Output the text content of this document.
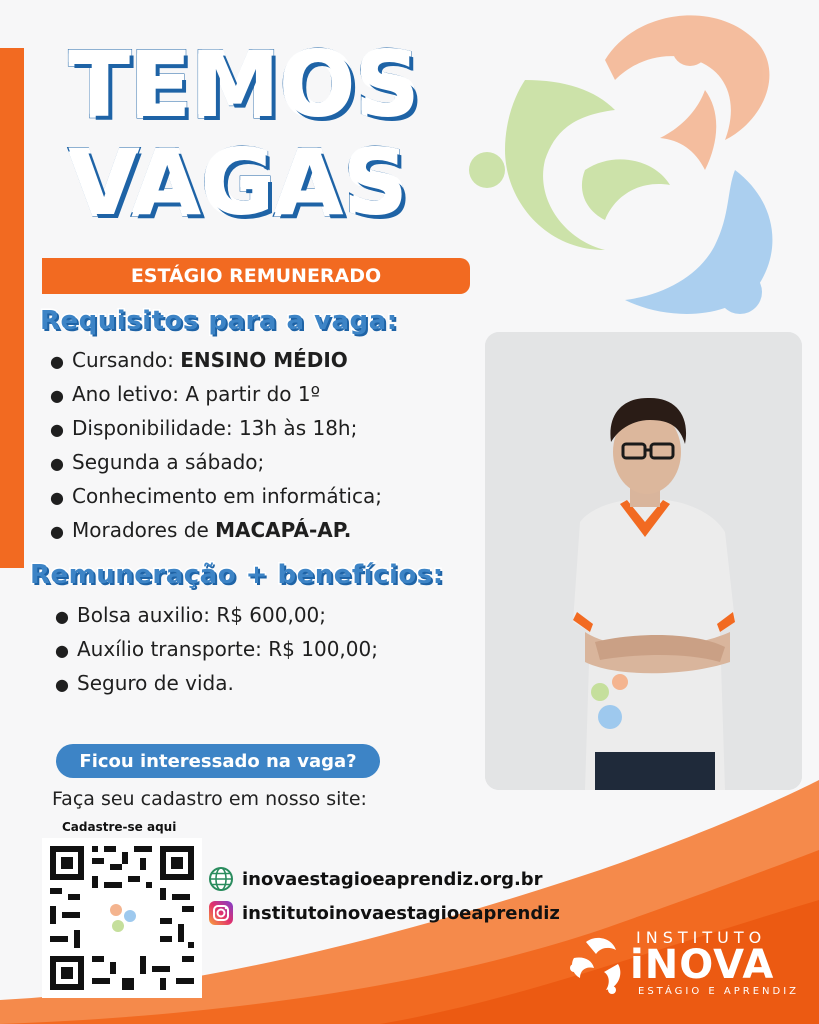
TEMOS
VAGAS
ESTÁGIO REMUNERADO
Requisitos para a vaga:
● Cursando: ENSINO MÉDIO
● Ano letivo: A partir do 1º
● Disponibilidade: 13h às 18h;
● Segunda a sábado;
● Conhecimento em informática;
● Moradores de MACAPÁ-AP.
Remuneração + benefícios:
● Bolsa auxilio: R$ 600,00;
● Auxílio transporte: R$ 100,00;
● Seguro de vida.
Ficou interessado na vaga?
Faça seu cadastro em nosso site:
Cadastre-se aqui
inovaestagioeaprendiz.org.br
institutoinovaestagioeaprendiz
INSTITUTO
iNOVA
ESTÁGIO E APRENDIZ
